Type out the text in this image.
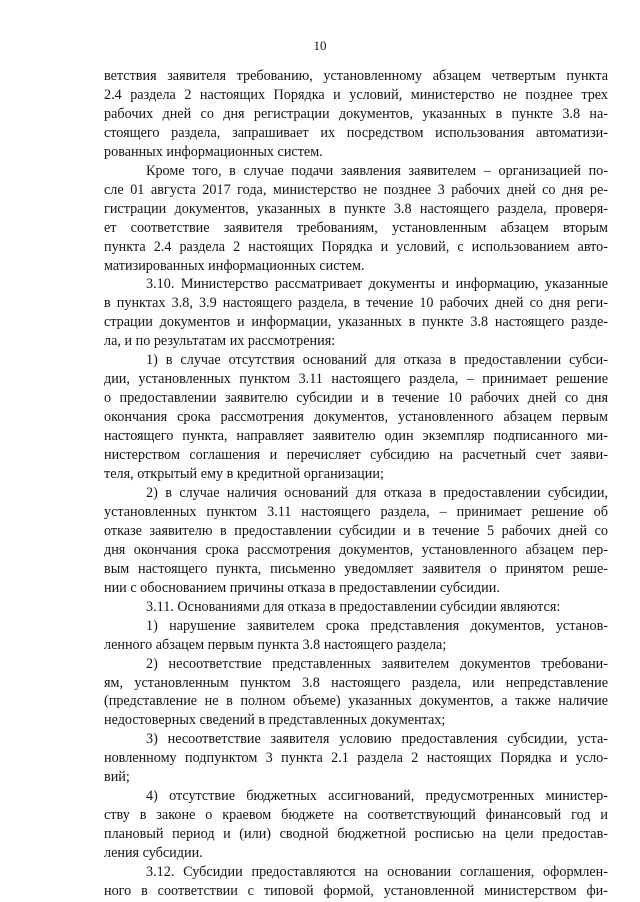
10
ветствия заявителя требованию, установленному абзацем четвертым пункта
2.4 раздела 2 настоящих Порядка и условий, министерство не позднее трех
рабочих дней со дня регистрации документов, указанных в пункте 3.8 на-
стоящего раздела, запрашивает их посредством использования автоматизи-
рованных информационных систем.
Кроме того, в случае подачи заявления заявителем – организацией по-
сле 01 августа 2017 года, министерство не позднее 3 рабочих дней со дня ре-
гистрации документов, указанных в пункте 3.8 настоящего раздела, проверя-
ет соответствие заявителя требованиям, установленным абзацем вторым
пункта 2.4 раздела 2 настоящих Порядка и условий, с использованием авто-
матизированных информационных систем.
3.10. Министерство рассматривает документы и информацию, указанные
в пунктах 3.8, 3.9 настоящего раздела, в течение 10 рабочих дней со дня реги-
страции документов и информации, указанных в пункте 3.8 настоящего разде-
ла, и по результатам их рассмотрения:
1) в случае отсутствия оснований для отказа в предоставлении субси-
дии, установленных пунктом 3.11 настоящего раздела, – принимает решение
о предоставлении заявителю субсидии и в течение 10 рабочих дней со дня
окончания срока рассмотрения документов, установленного абзацем первым
настоящего пункта, направляет заявителю один экземпляр подписанного ми-
нистерством соглашения и перечисляет субсидию на расчетный счет заяви-
теля, открытый ему в кредитной организации;
2) в случае наличия оснований для отказа в предоставлении субсидии,
установленных пунктом 3.11 настоящего раздела, – принимает решение об
отказе заявителю в предоставлении субсидии и в течение 5 рабочих дней со
дня окончания срока рассмотрения документов, установленного абзацем пер-
вым настоящего пункта, письменно уведомляет заявителя о принятом реше-
нии с обоснованием причины отказа в предоставлении субсидии.
3.11. Основаниями для отказа в предоставлении субсидии являются:
1) нарушение заявителем срока представления документов, установ-
ленного абзацем первым пункта 3.8 настоящего раздела;
2) несоответствие представленных заявителем документов требовани-
ям, установленным пунктом 3.8 настоящего раздела, или непредставление
(представление не в полном объеме) указанных документов, а также наличие
недостоверных сведений в представленных документах;
3) несоответствие заявителя условию предоставления субсидии, уста-
новленному подпунктом 3 пункта 2.1 раздела 2 настоящих Порядка и усло-
вий;
4) отсутствие бюджетных ассигнований, предусмотренных министер-
ству в законе о краевом бюджете на соответствующий финансовый год и
плановый период и (или) сводной бюджетной росписью на цели предостав-
ления субсидии.
3.12. Субсидии предоставляются на основании соглашения, оформлен-
ного в соответствии с типовой формой, установленной министерством фи-
